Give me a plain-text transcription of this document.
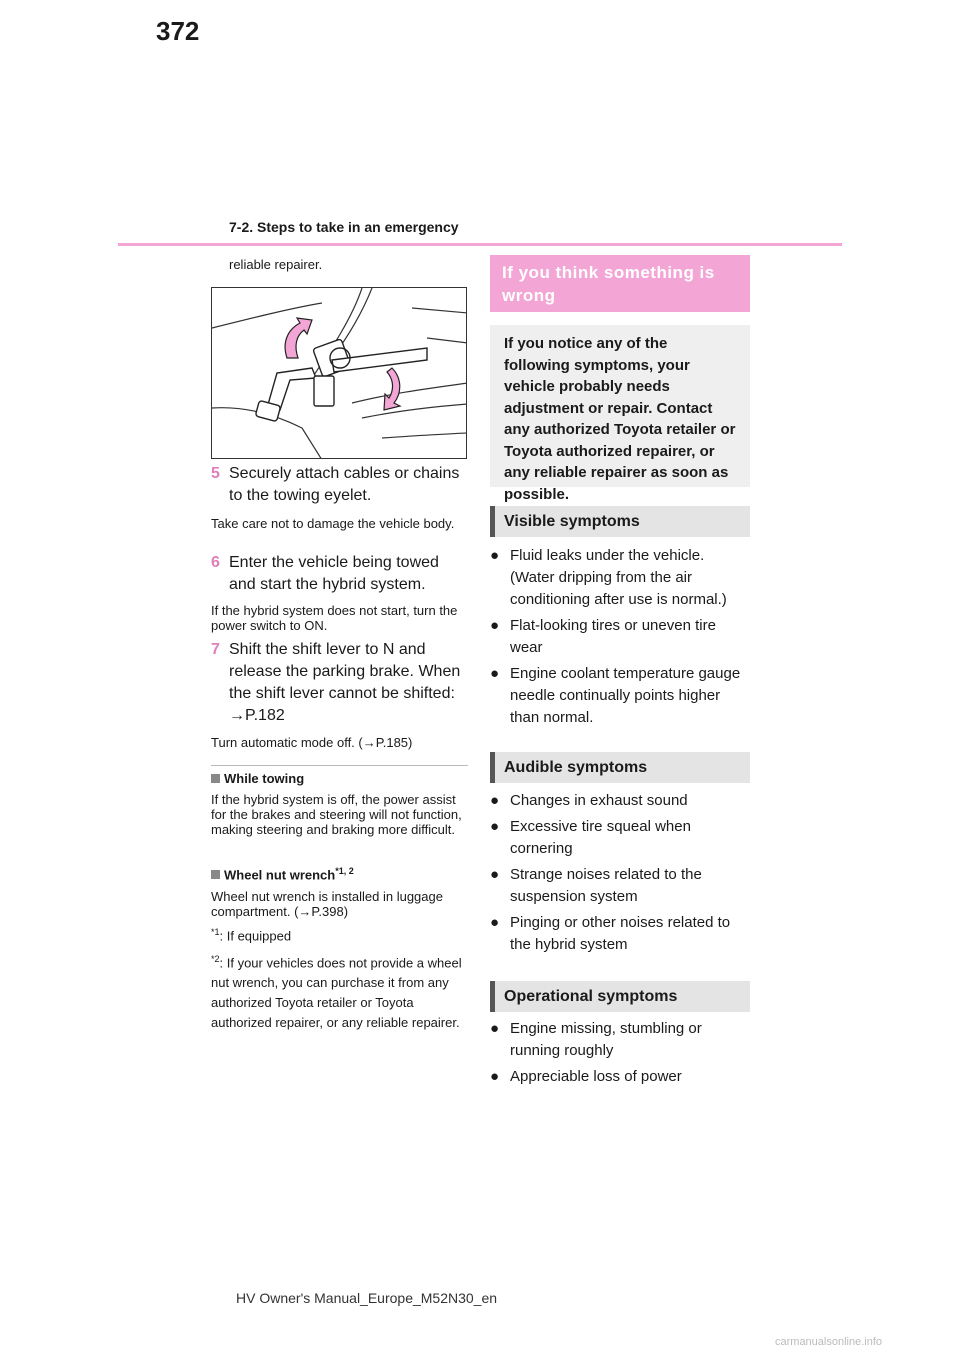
372
7-2. Steps to take in an emergency
reliable repairer.
5 Securely attach cables or chains to the towing eyelet.
Take care not to damage the vehicle body.
6 Enter the vehicle being towed and start the hybrid system.
If the hybrid system does not start, turn the power switch to ON.
7 Shift the shift lever to N and release the parking brake. When the shift lever cannot be shifted: →P.182
Turn automatic mode off. (→P.185)
While towing
If the hybrid system is off, the power assist for the brakes and steering will not function, making steering and braking more difficult.
Wheel nut wrench$^{*1, 2}$
Wheel nut wrench is installed in luggage compartment. (→P.398)
$^{*1}$: If equipped
$^{*2}$: If your vehicles does not provide a wheel nut wrench, you can purchase it from any authorized Toyota retailer or Toyota authorized repairer, or any reliable repairer.
If you think something is wrong
If you notice any of the following symptoms, your vehicle probably needs adjustment or repair. Contact any authorized Toyota retailer or Toyota authorized repairer, or any reliable repairer as soon as possible.
Visible symptoms
● Fluid leaks under the vehicle. (Water dripping from the air conditioning after use is normal.)
● Flat-looking tires or uneven tire wear
● Engine coolant temperature gauge needle continually points higher than normal.
Audible symptoms
● Changes in exhaust sound
● Excessive tire squeal when cornering
● Strange noises related to the suspension system
● Pinging or other noises related to the hybrid system
Operational symptoms
● Engine missing, stumbling or running roughly
● Appreciable loss of power
HV Owner's Manual_Europe_M52N30_en
carmanualsonline.info
